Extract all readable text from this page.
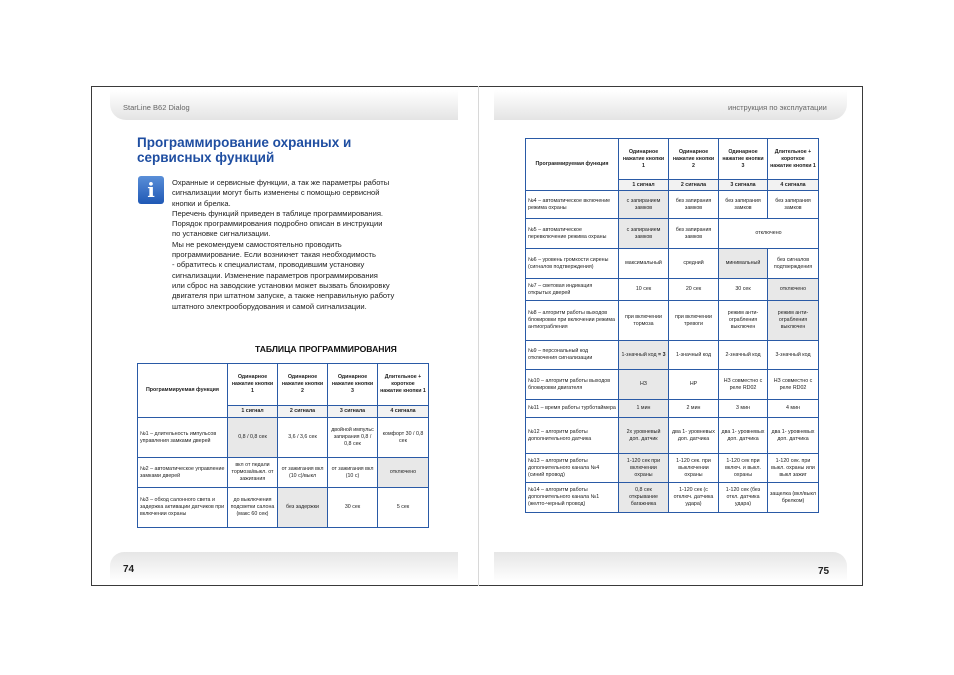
StarLine B62 Dialog	инструкция по эксплуатации
74	75
Программирование охранных и
сервисных функций
i	Охранные и сервисные функции, а так же параметры работы
сигнализации могут быть изменены с помощью сервисной
кнопки и брелка.
Перечень функций приведен в таблице программирования.
Порядок программирования подробно описан в инструкции
по установке сигнализации.
Мы не рекомендуем самостоятельно проводить
программирование. Если возникнет такая необходимость
- обратитесь к специалистам, проводившим установку
сигнализации. Изменение параметров программирования
или сброс на заводские установки может вызвать блокировку
двигателя при штатном запуске, а также неправильную работу
штатного электрооборудования и самой сигнализации.
ТАБЛИЦА ПРОГРАММИРОВАНИЯ
Программируемая функция	Одинарное нажатие кнопки 1	Одинарное нажатие кнопки 2	Одинарное нажатие кнопки 3	Длительное + короткое нажатие кнопки 1
	1 сигнал	2 сигнала	3 сигнала	4 сигнала
№1 – длительность импульсов управления замками дверей	0,8 / 0,8 сек	3,6 / 3,6 сек	двойной импульс запирания 0,8 / 0,8 сек	комфорт 30 / 0,8 сек
№2 – автоматическое управление замками дверей	вкл от педали тормоза/выкл. от зажигания	от зажигания вкл (10 с)/выкл	от зажигания вкл (10 с)	отключено
№3 – обход салонного света и задержка активации датчиков при включении охраны	до выключения подсветки салона (макс 60 сек)	без задержки	30 сек	5 сек
Программируемая функция	Одинарное нажатие кнопки 1	Одинарное нажатие кнопки 2	Одинарное нажатие кнопки 3	Длительное + короткое нажатие кнопки 1
	1 сигнал	2 сигнала	3 сигнала	4 сигнала
№4 – автоматическое включение режима охраны	с запиранием замков	без запирания замков	без запирания замков	без запирания замков
№5 – автоматическое перевключение режима охраны	с запиранием замков	без запирания замков	отключено	
№6 – уровень громкости сирены (сигналов подтверждения)	максимальный	средний	минимальный	без сигналов подтверждения
№7 – световая индикация открытых дверей	10 сек	20 сек	30 сек	отключено
№8 – алгоритм работы выходов блокировки при включении режима антиограбления	при включении тормоза	при включении тревоги	режим анти-ограбления выключен	режим анти-ограбления выключен
№9 – персональный код отключения сигнализации	1-значный код = 3	1-значный код	2-значный код	3-значный код
№10 – алгоритм работы выходов блокировки двигателя	НЗ	НР	НЗ совместно с реле RD02	НЗ совместно с реле RD02
№11 – время работы турботаймера	1 мин	2 мин	3 мин	4 мин
№12 – алгоритм работы дополнительного датчика	2х уровневый доп. датчик	два 1- уровневых доп. датчика	два 1- уровневых доп. датчика	два 1- уровневых доп. датчика
№13 – алгоритм работы дополнительного канала №4 (синий провод)	1-120 сек при включении охраны	1-120 сек. при выключении охраны	1-120 сек при включ. и выкл. охраны	1-120 сек. при выкл. охраны или выкл зажиг
№14 – алгоритм работы дополнительного канала №1 (желто-черный провод)	0,8 сек открывание багажника	1-120 сек (с отключ. датчика удара)	1-120 сек (без откл. датчика удара)	защелка (вкл/выкл брелком)
